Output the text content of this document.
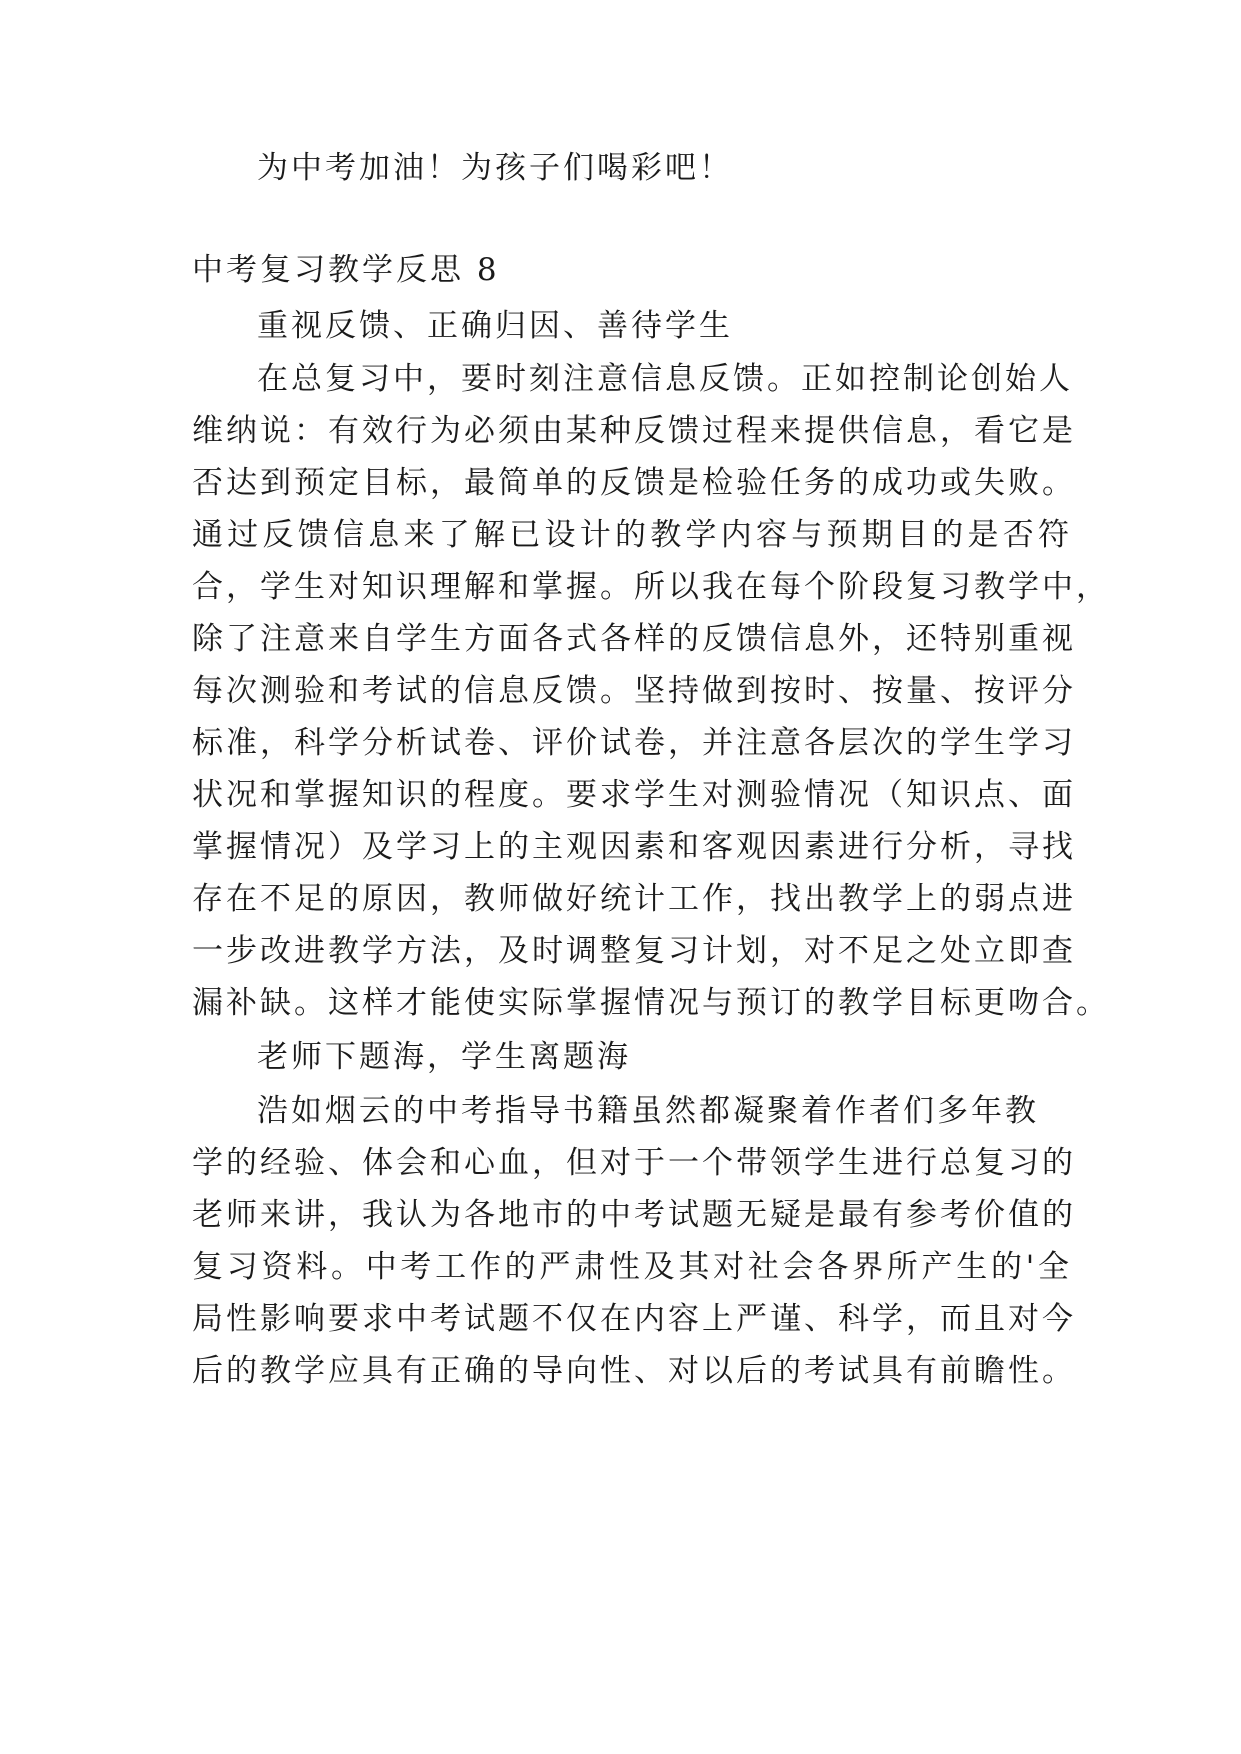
为中考加油！为孩子们喝彩吧！
中考复习教学反思 8
重视反馈、正确归因、善待学生
在总复习中，要时刻注意信息反馈。正如控制论创始人
维纳说：有效行为必须由某种反馈过程来提供信息，看它是
否达到预定目标，最简单的反馈是检验任务的成功或失败。
通过反馈信息来了解已设计的教学内容与预期目的是否符
合，学生对知识理解和掌握。所以我在每个阶段复习教学中，
除了注意来自学生方面各式各样的反馈信息外，还特别重视
每次测验和考试的信息反馈。坚持做到按时、按量、按评分
标准，科学分析试卷、评价试卷，并注意各层次的学生学习
状况和掌握知识的程度。要求学生对测验情况（知识点、面
掌握情况）及学习上的主观因素和客观因素进行分析，寻找
存在不足的原因，教师做好统计工作，找出教学上的弱点进
一步改进教学方法，及时调整复习计划，对不足之处立即查
漏补缺。这样才能使实际掌握情况与预订的教学目标更吻合。
老师下题海，学生离题海
浩如烟云的中考指导书籍虽然都凝聚着作者们多年教
学的经验、体会和心血，但对于一个带领学生进行总复习的
老师来讲，我认为各地市的中考试题无疑是最有参考价值的
复习资料。中考工作的严肃性及其对社会各界所产生的'全
局性影响要求中考试题不仅在内容上严谨、科学，而且对今
后的教学应具有正确的导向性、对以后的考试具有前瞻性。
